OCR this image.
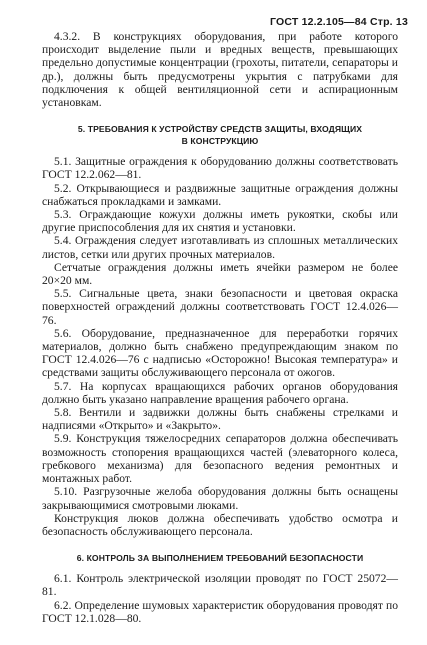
ГОСТ 12.2.105—84 Стр. 13

4.3.2. В конструкциях оборудования, при работе которого происходит выделение пыли и вредных веществ, превышающих предельно допустимые концентрации (грохоты, питатели, сепараторы и др.), должны быть предусмотрены укрытия с патрубками для подключения к общей вентиляционной сети и аспирационным установкам.

5. ТРЕБОВАНИЯ К УСТРОЙСТВУ СРЕДСТВ ЗАЩИТЫ, ВХОДЯЩИХ
В КОНСТРУКЦИЮ

5.1. Защитные ограждения к оборудованию должны соответствовать ГОСТ 12.2.062—81.

5.2. Открывающиеся и раздвижные защитные ограждения должны снабжаться прокладками и замками.

5.3. Ограждающие кожухи должны иметь рукоятки, скобы или другие приспособления для их снятия и установки.

5.4. Ограждения следует изготавливать из сплошных металлических листов, сетки или других прочных материалов.

Сетчатые ограждения должны иметь ячейки размером не более 20×20 мм.

5.5. Сигнальные цвета, знаки безопасности и цветовая окраска поверхностей ограждений должны соответствовать ГОСТ 12.4.026—76.

5.6. Оборудование, предназначенное для переработки горячих материалов, должно быть снабжено предупреждающим знаком по ГОСТ 12.4.026—76 с надписью «Осторожно! Высокая температура» и средствами защиты обслуживающего персонала от ожогов.

5.7. На корпусах вращающихся рабочих органов оборудования должно быть указано направление вращения рабочего органа.

5.8. Вентили и задвижки должны быть снабжены стрелками и надписями «Открыто» и «Закрыто».

5.9. Конструкция тяжелосредних сепараторов должна обеспечивать возможность стопорения вращающихся частей (элеваторного колеса, гребкового механизма) для безопасного ведения ремонтных и монтажных работ.

5.10. Разгрузочные желоба оборудования должны быть оснащены закрывающимися смотровыми люками.

Конструкция люков должна обеспечивать удобство осмотра и безопасность обслуживающего персонала.

6. КОНТРОЛЬ ЗА ВЫПОЛНЕНИЕМ ТРЕБОВАНИЙ БЕЗОПАСНОСТИ

6.1. Контроль электрической изоляции проводят по ГОСТ 25072—81.

6.2. Определение шумовых характеристик оборудования проводят по ГОСТ 12.1.028—80.
